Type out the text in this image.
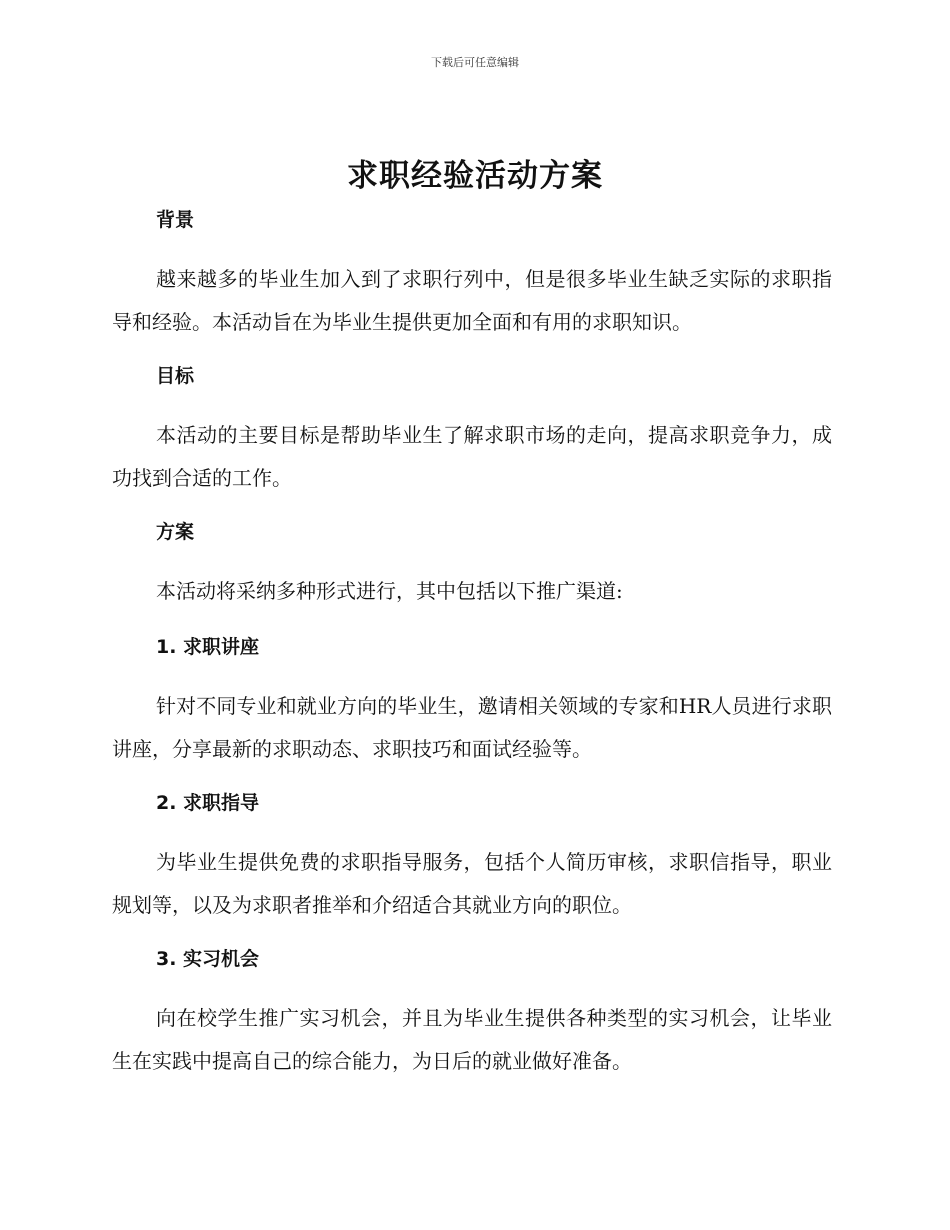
下载后可任意编辑
求职经验活动方案
背景

越来越多的毕业生加入到了求职行列中，但是很多毕业生缺乏实际的求职指导和经验。本活动旨在为毕业生提供更加全面和有用的求职知识。

目标

本活动的主要目标是帮助毕业生了解求职市场的走向，提高求职竞争力，成功找到合适的工作。

方案

本活动将采纳多种形式进行，其中包括以下推广渠道:

1. 求职讲座

针对不同专业和就业方向的毕业生，邀请相关领域的专家和HR人员进行求职讲座，分享最新的求职动态、求职技巧和面试经验等。

2. 求职指导

为毕业生提供免费的求职指导服务，包括个人简历审核，求职信指导，职业规划等，以及为求职者推举和介绍适合其就业方向的职位。

3. 实习机会

向在校学生推广实习机会，并且为毕业生提供各种类型的实习机会，让毕业生在实践中提高自己的综合能力，为日后的就业做好准备。
